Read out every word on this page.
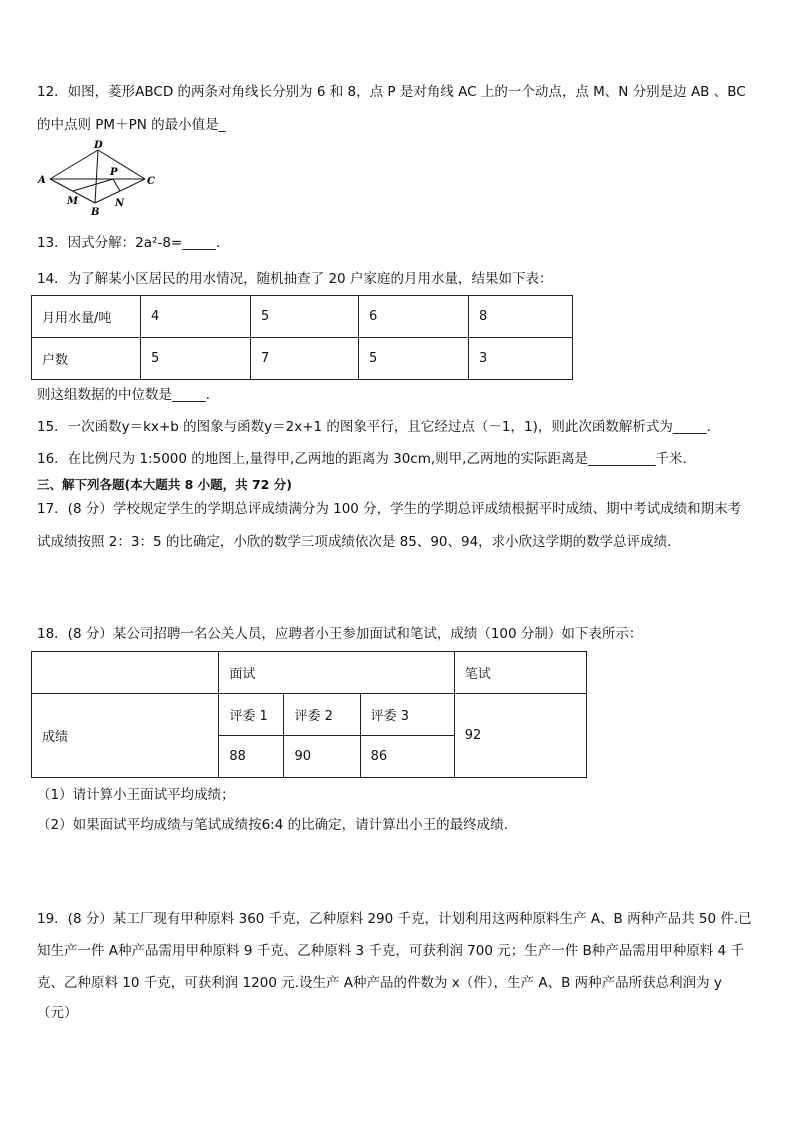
12．如图，菱形ABCD 的两条对角线长分别为 6 和 8，点 P 是对角线 AC 上的一个动点，点 M、N 分别是边 AB 、BC
的中点则 PM＋PN 的最小值是_
D
A	C
P
M
B
N
13．因式分解：2a²-8=_____．
14．为了解某小区居民的用水情况，随机抽查了 20 户家庭的月用水量，结果如下表：
月用水量/吨	4	5	6	8
户数	5	7	5	3
则这组数据的中位数是_____．
15．一次函数y＝kx+b 的图象与函数y＝2x+1 的图象平行，且它经过点（－1，1)，则此次函数解析式为_____．
16．在比例尺为 1:5000 的地图上,量得甲,乙两地的距离为 30cm,则甲,乙两地的实际距离是__________千米．
三、解下列各题(本大题共 8 小题，共 72 分)
17．(8 分）学校规定学生的学期总评成绩满分为 100 分，学生的学期总评成绩根据平时成绩、期中考试成绩和期末考
试成绩按照 2：3：5 的比确定，小欣的数学三项成绩依次是 85、90、94，求小欣这学期的数学总评成绩．
18．(8 分）某公司招聘一名公关人员，应聘者小王参加面试和笔试，成绩（100 分制）如下表所示：
	面试			笔试
成绩	评委 1	评委 2	评委 3	92
	88	90	86	
（1）请计算小王面试平均成绩；
（2）如果面试平均成绩与笔试成绩按6:4 的比确定，请计算出小王的最终成绩.
19．(8 分）某工厂现有甲种原料 360 千克，乙种原料 290 千克，计划利用这两种原料生产 A、B 两种产品共 50 件.已
知生产一件 A种产品需用甲种原料 9 千克、乙种原料 3 千克，可获利润 700 元；生产一件 B种产品需用甲种原料 4 千
克、乙种原料 10 千克，可获利润 1200 元.设生产 A种产品的件数为 x（件），生产 A、B 两种产品所获总利润为 y
（元）
